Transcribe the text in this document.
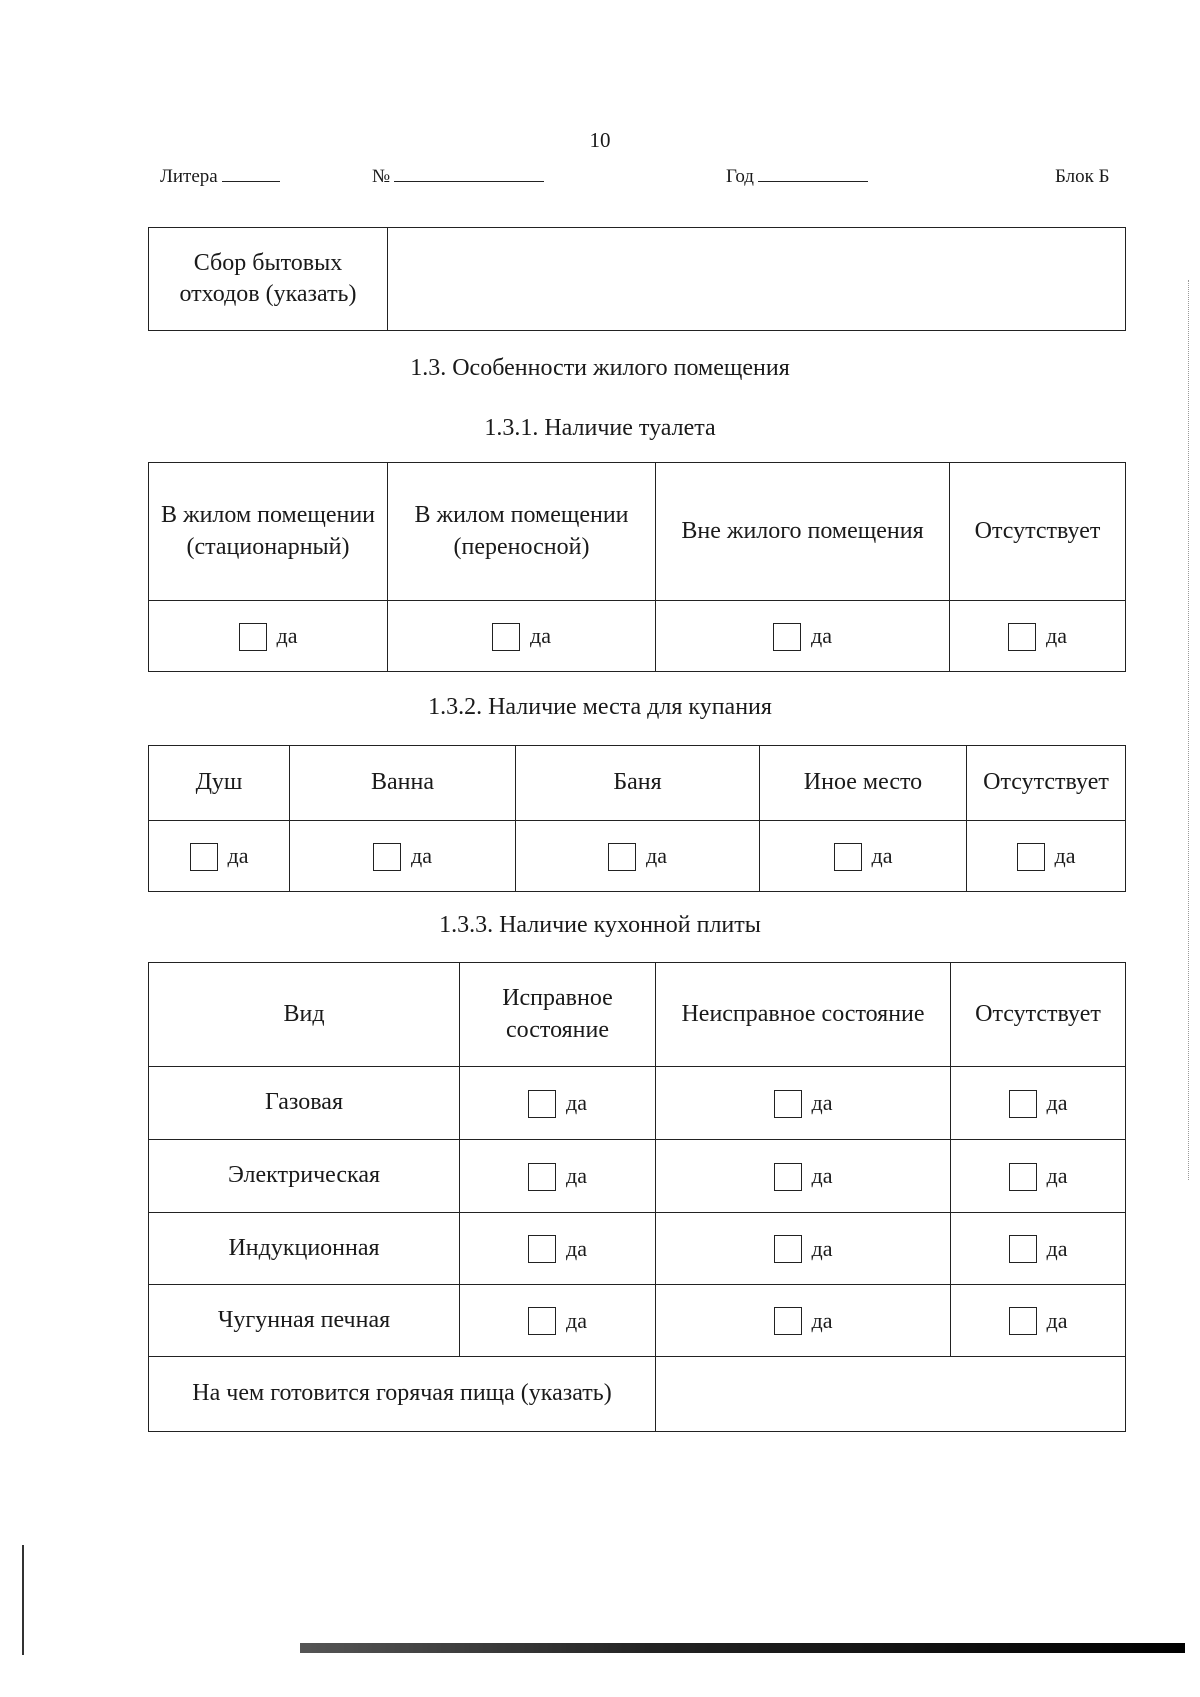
10
Литера	№	Год	Блок Б
Сбор бытовых отходов (указать)	
1.3. Особенности жилого помещения
1.3.1. Наличие туалета
В жилом помещении (стационарный)	В жилом помещении (переносной)	Вне жилого помещения	Отсутствует
да	да	да	да
1.3.2. Наличие места для купания
Душ	Ванна	Баня	Иное место	Отсутствует
да	да	да	да	да
1.3.3. Наличие кухонной плиты
Вид	Исправное состояние	Неисправное состояние	Отсутствует
Газовая	да	да	да
Электрическая	да	да	да
Индукционная	да	да	да
Чугунная печная	да	да	да
На чем готовится горячая пища (указать)			
